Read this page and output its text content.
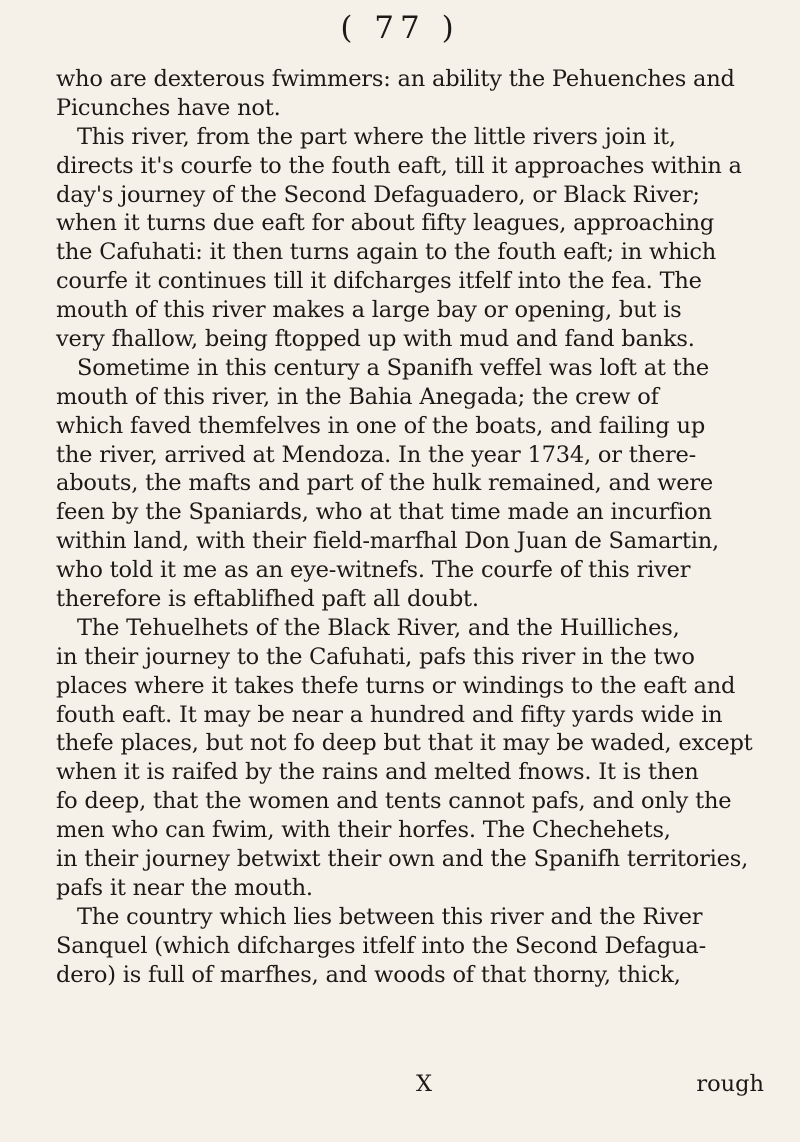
( 77 )
who are dexterous fwimmers: an ability the Pehuenches and
Picunches have not.
This river, from the part where the little rivers join it,
directs it's courfe to the fouth eaft, till it approaches within a
day's journey of the Second Defaguadero, or Black River;
when it turns due eaft for about fifty leagues, approaching
the Cafuhati: it then turns again to the fouth eaft; in which
courfe it continues till it difcharges itfelf into the fea. The
mouth of this river makes a large bay or opening, but is
very fhallow, being ftopped up with mud and fand banks.
Sometime in this century a Spanifh veffel was loft at the
mouth of this river, in the Bahia Anegada; the crew of
which faved themfelves in one of the boats, and failing up
the river, arrived at Mendoza. In the year 1734, or there-
abouts, the mafts and part of the hulk remained, and were
feen by the Spaniards, who at that time made an incurfion
within land, with their field-marfhal Don Juan de Samartin,
who told it me as an eye-witnefs. The courfe of this river
therefore is eftablifhed paft all doubt.
The Tehuelhets of the Black River, and the Huilliches,
in their journey to the Cafuhati, pafs this river in the two
places where it takes thefe turns or windings to the eaft and
fouth eaft. It may be near a hundred and fifty yards wide in
thefe places, but not fo deep but that it may be waded, except
when it is raifed by the rains and melted fnows. It is then
fo deep, that the women and tents cannot pafs, and only the
men who can fwim, with their horfes. The Chechehets,
in their journey betwixt their own and the Spanifh territories,
pafs it near the mouth.
The country which lies between this river and the River
Sanquel (which difcharges itfelf into the Second Defagua-
dero) is full of marfhes, and woods of that thorny, thick,
X	rough
